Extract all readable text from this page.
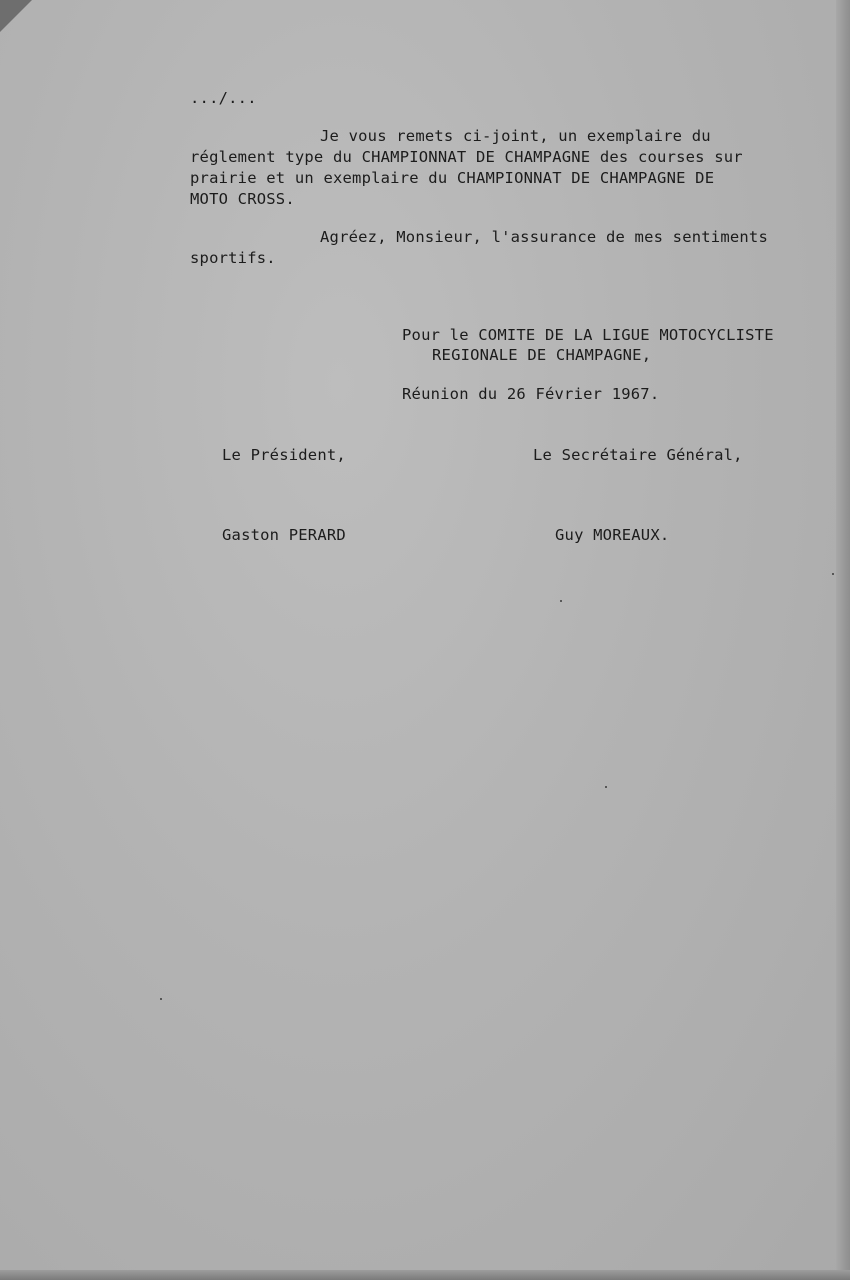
.../...
Je vous remets ci-joint, un exemplaire du
réglement type du CHAMPIONNAT DE CHAMPAGNE des courses sur
prairie et un exemplaire du CHAMPIONNAT DE CHAMPAGNE DE
MOTO CROSS.
Agréez, Monsieur, l'assurance de mes sentiments
sportifs.
Pour le COMITE DE LA LIGUE MOTOCYCLISTE
REGIONALE DE CHAMPAGNE,
Réunion du 26 Février 1967.
Le Président,	Le Secrétaire Général,
Gaston PERARD	Guy MOREAUX.
